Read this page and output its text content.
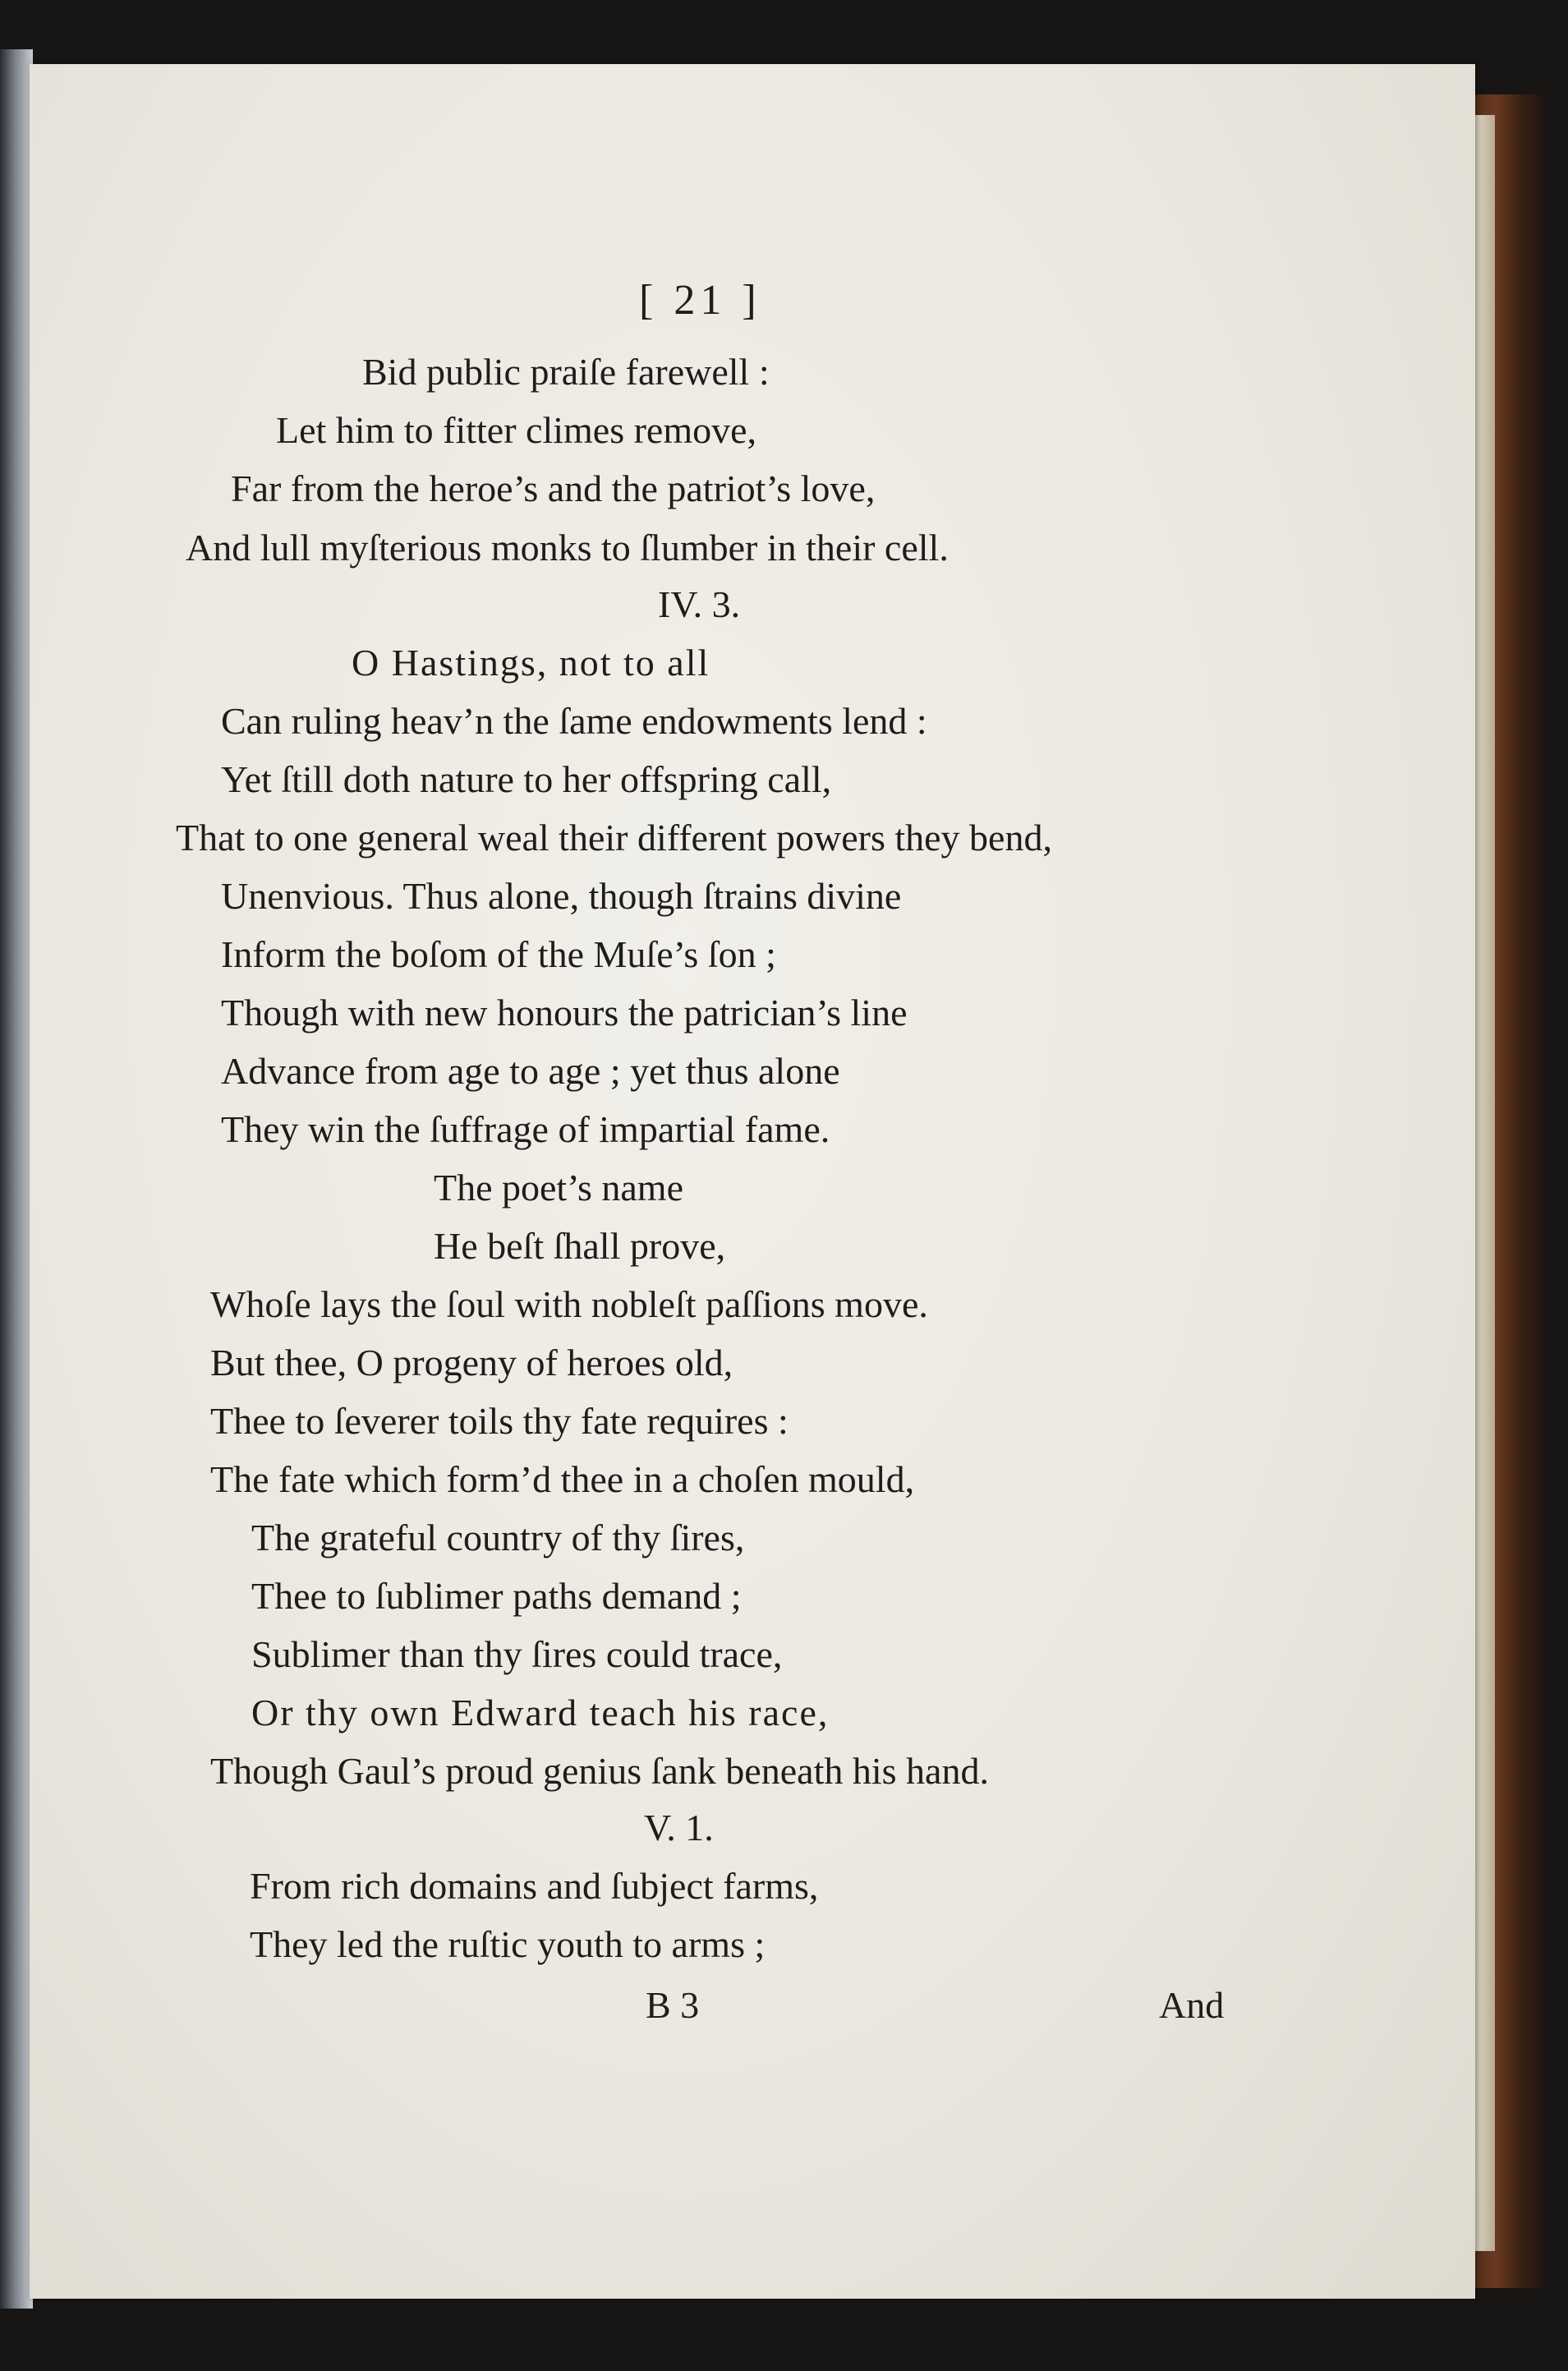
[ 21 ]
Bid public praiſe farewell :
Let him to fitter climes remove,
Far from the heroe’s and the patriot’s love,
And lull myſterious monks to ſlumber in their cell.
IV. 3.
O Hastings, not to all
Can ruling heav’n the ſame endowments lend :
Yet ſtill doth nature to her offspring call,
That to one general weal their different powers they bend,
Unenvious. Thus alone, though ſtrains divine
Inform the boſom of the Muſe’s ſon ;
Though with new honours the patrician’s line
Advance from age to age ; yet thus alone
They win the ſuffrage of impartial fame.
The poet’s name
He beſt ſhall prove,
Whoſe lays the ſoul with nobleſt paſſions move.
But thee, O progeny of heroes old,
Thee to ſeverer toils thy fate requires :
The fate which form’d thee in a choſen mould,
The grateful country of thy ſires,
Thee to ſublimer paths demand ;
Sublimer than thy ſires could trace,
Or thy own Edward teach his race,
Though Gaul’s proud genius ſank beneath his hand.
V. 1.
From rich domains and ſubject farms,
They led the ruſtic youth to arms ;
B 3	And
